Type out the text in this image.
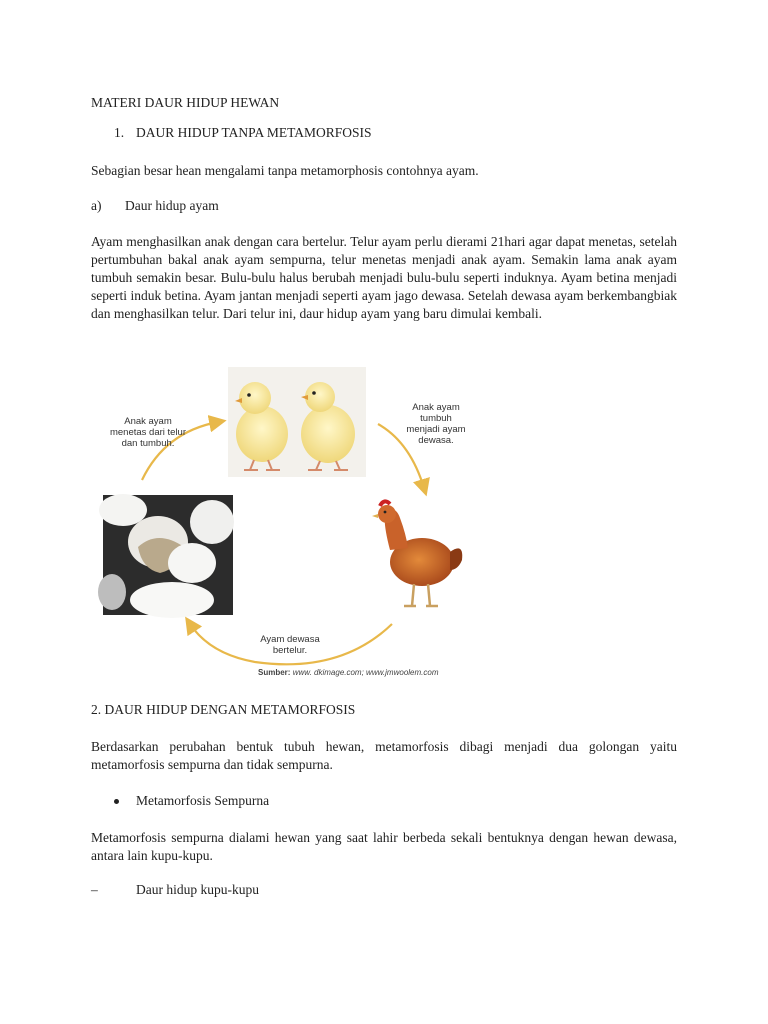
MATERI DAUR HIDUP HEWAN
1. DAUR HIDUP TANPA METAMORFOSIS
Sebagian besar hean mengalami tanpa metamorphosis contohnya ayam.
a) Daur hidup ayam
Ayam menghasilkan anak dengan cara bertelur. Telur ayam perlu dierami 21hari agar dapat menetas, setelah pertumbuhan bakal anak ayam sempurna, telur menetas menjadi anak ayam. Semakin lama anak ayam tumbuh semakin besar. Bulu-bulu halus berubah menjadi bulu-bulu seperti induknya. Ayam betina menjadi seperti induk betina. Ayam jantan menjadi seperti ayam jago dewasa. Setelah dewasa ayam berkembangbiak dan menghasilkan telur. Dari telur ini, daur hidup ayam yang baru dimulai kembali.
Anak ayam
menetas dari telur
dan tumbuh.
Anak ayam
tumbuh
menjadi ayam
dewasa.
Ayam dewasa
bertelur.
Sumber: www. dkimage.com; www.jmwoolem.com
2. DAUR HIDUP DENGAN METAMORFOSIS
Berdasarkan perubahan bentuk tubuh hewan, metamorfosis dibagi menjadi dua golongan yaitu metamorfosis sempurna dan tidak sempurna.
Metamorfosis Sempurna
Metamorfosis sempurna dialami hewan yang saat lahir berbeda sekali bentuknya dengan hewan dewasa, antara lain kupu-kupu.
–	Daur hidup kupu-kupu
